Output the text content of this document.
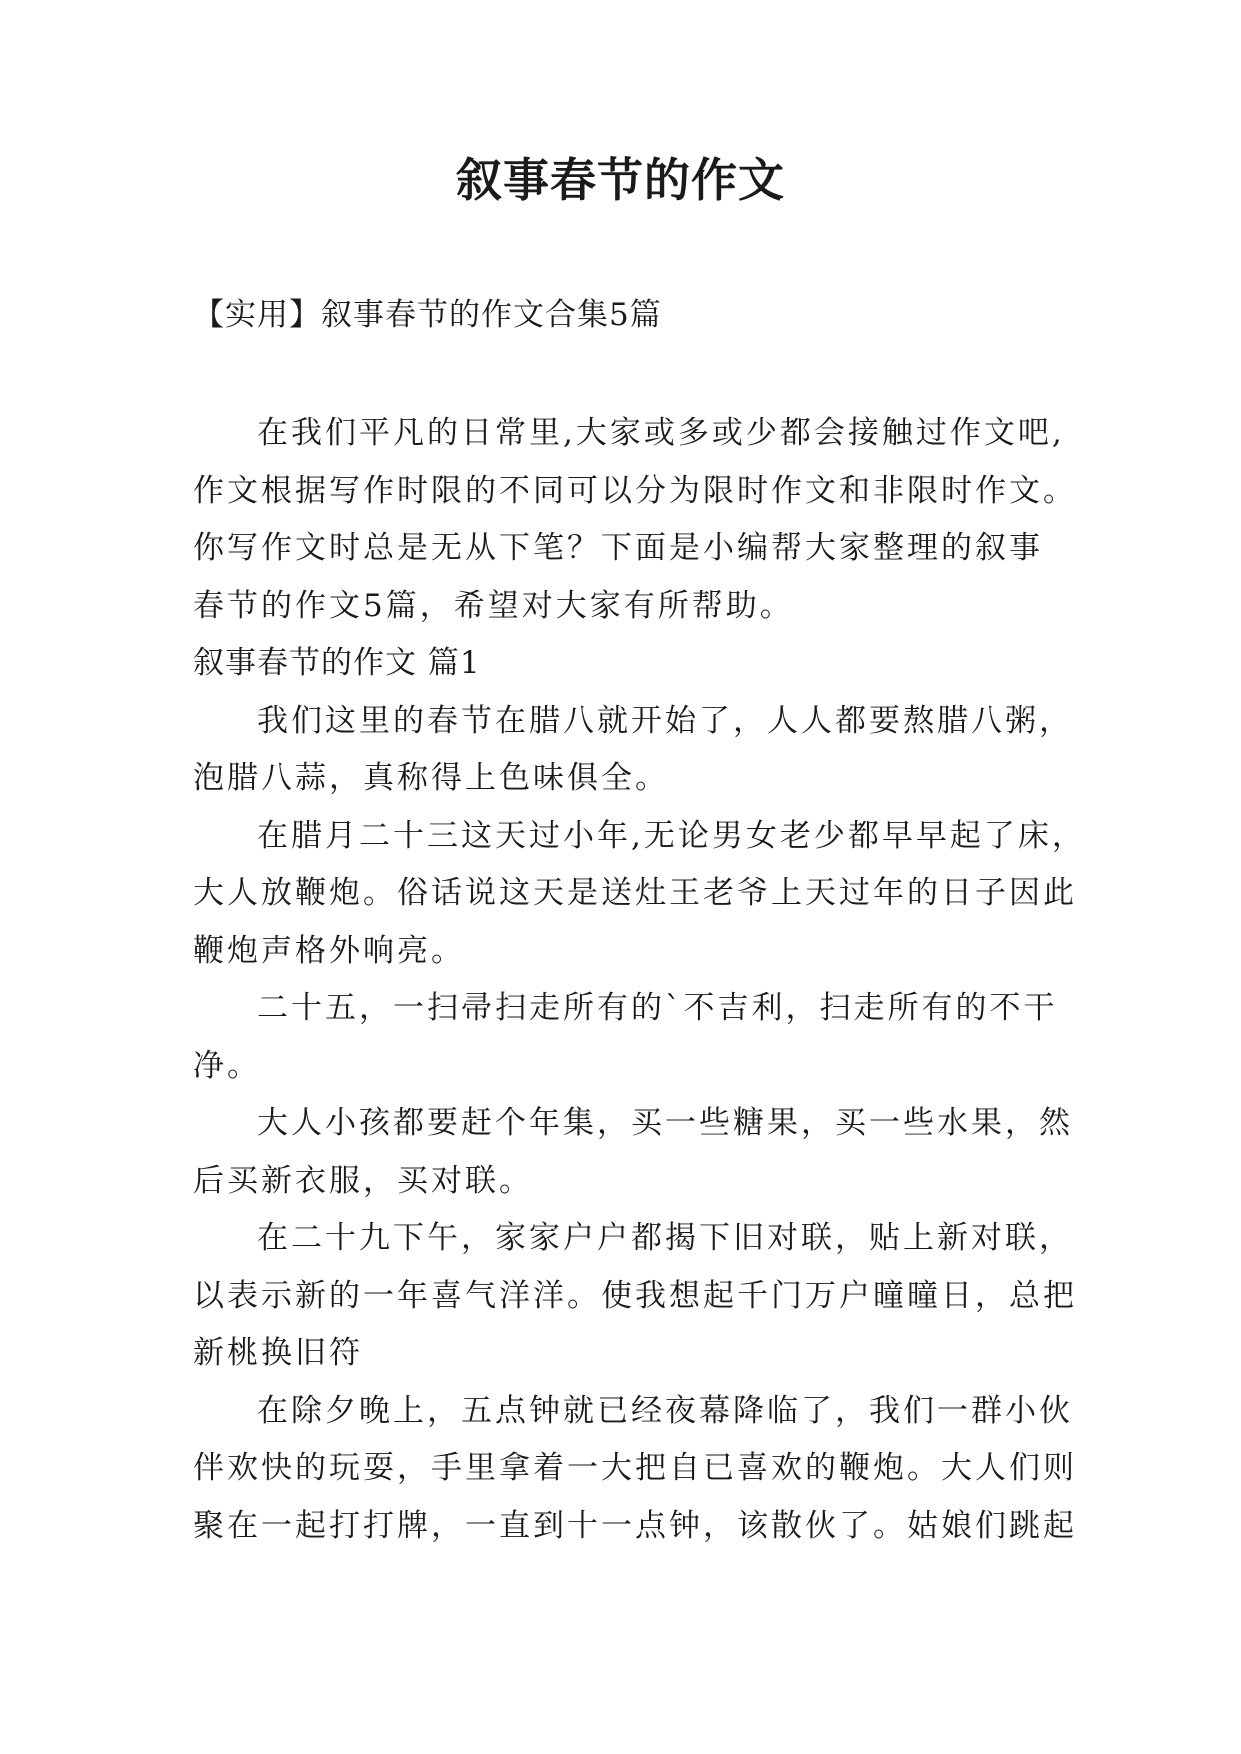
叙事春节的作文

【实用】叙事春节的作文合集5篇

在我们平凡的日常里,大家或多或少都会接触过作文吧,
作文根据写作时限的不同可以分为限时作文和非限时作文。
你写作文时总是无从下笔？下面是小编帮大家整理的叙事
春节的作文5篇，希望对大家有所帮助。
叙事春节的作文 篇1
我们这里的春节在腊八就开始了，人人都要熬腊八粥，
泡腊八蒜，真称得上色味俱全。
在腊月二十三这天过小年,无论男女老少都早早起了床，
大人放鞭炮。俗话说这天是送灶王老爷上天过年的日子因此
鞭炮声格外响亮。
二十五，一扫帚扫走所有的`不吉利，扫走所有的不干
净。
大人小孩都要赶个年集，买一些糖果，买一些水果，然
后买新衣服，买对联。
在二十九下午，家家户户都揭下旧对联，贴上新对联，
以表示新的一年喜气洋洋。使我想起千门万户曈曈日，总把
新桃换旧符
在除夕晚上，五点钟就已经夜幕降临了，我们一群小伙
伴欢快的玩耍，手里拿着一大把自已喜欢的鞭炮。大人们则
聚在一起打打牌，一直到十一点钟，该散伙了。姑娘们跳起
